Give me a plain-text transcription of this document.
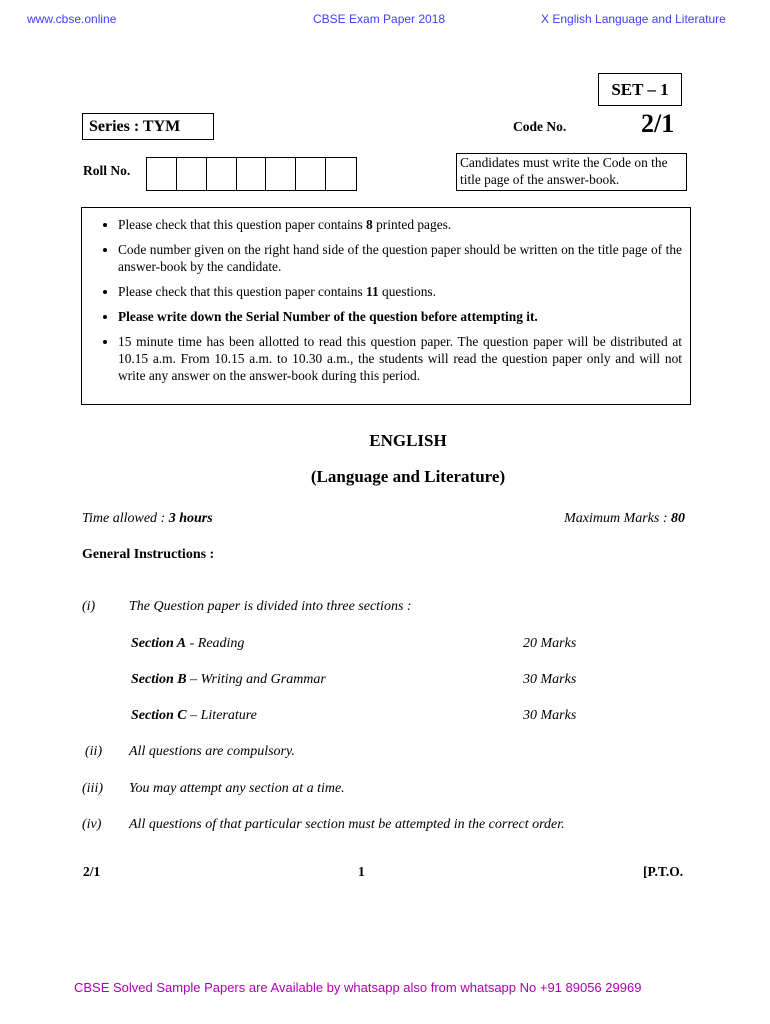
www.cbse.online	CBSE Exam Paper 2018	X English Language and Literature
SET – 1
Series : TYM	Code No.	2/1
Roll No.
Candidates must write the Code on the title page of the answer-book.
• Please check that this question paper contains 8 printed pages.
• Code number given on the right hand side of the question paper should be written on the title page of the answer-book by the candidate.
• Please check that this question paper contains 11 questions.
• Please write down the Serial Number of the question before attempting it.
• 15 minute time has been allotted to read this question paper. The question paper will be distributed at 10.15 a.m. From 10.15 a.m. to 10.30 a.m., the students will read the question paper only and will not write any answer on the answer-book during this period.
ENGLISH
(Language and Literature)
Time allowed : 3 hours	Maximum Marks : 80
General Instructions :
(i) The Question paper is divided into three sections :
Section A - Reading	20 Marks
Section B – Writing and Grammar	30 Marks
Section C – Literature	30 Marks
(ii) All questions are compulsory.
(iii) You may attempt any section at a time.
(iv) All questions of that particular section must be attempted in the correct order.
2/1	1	[P.T.O.
CBSE Solved Sample Papers are Available by whatsapp also from whatsapp No +91 89056 29969
